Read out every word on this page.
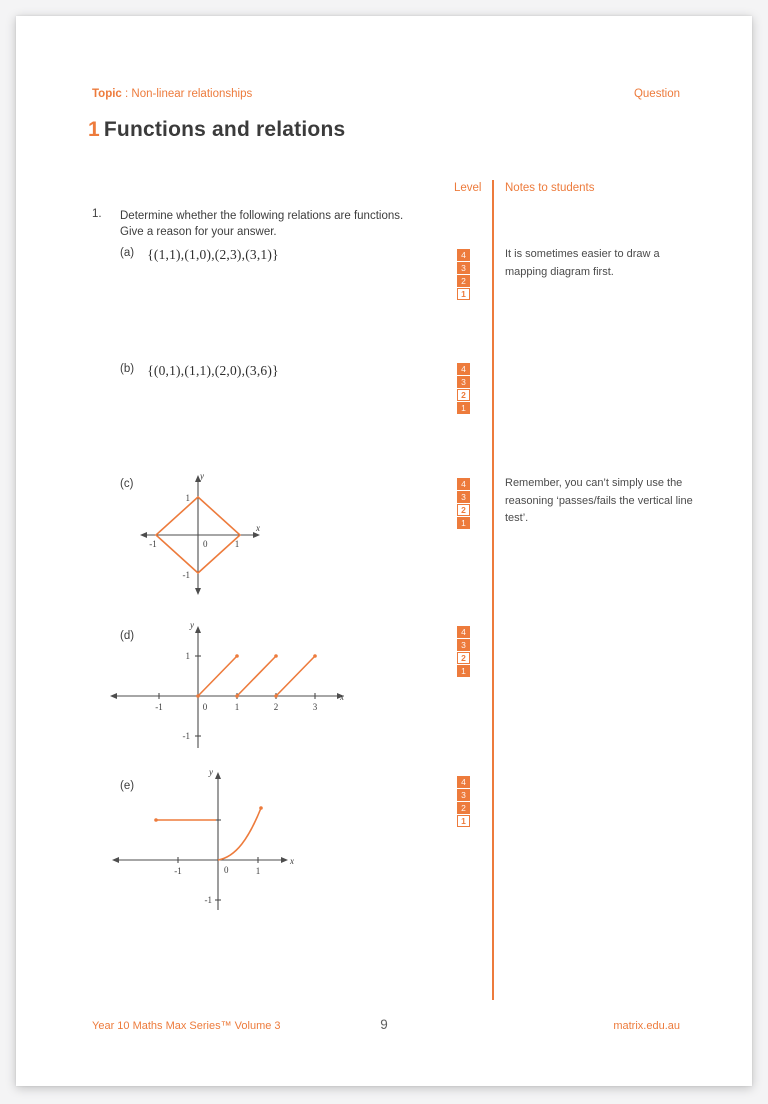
Topic : Non-linear relationships	Question
1 Functions and relations
Level Notes to students
1. Determine whether the following relations are functions.
Give a reason for your answer.
(a) {(1,1),(1,0),(2,3),(3,1)}	4
3
2
1
It is sometimes easier to draw a mapping diagram first.
(b) {(0,1),(1,1),(2,0),(3,6)}	4
3
2
1
(c)
y
x
1
1
-1
-1
0
4
3
2
1
Remember, you can’t simply use the reasoning ‘passes/fails the vertical line test’.
(d)
y
x
-1	0	1	2	3
1
-1
4
3
2
1
(e)
y
x
-1	0	1
-1
4
3
2
1
Year 10 Maths Max Series™ Volume 3	9	matrix.edu.au
